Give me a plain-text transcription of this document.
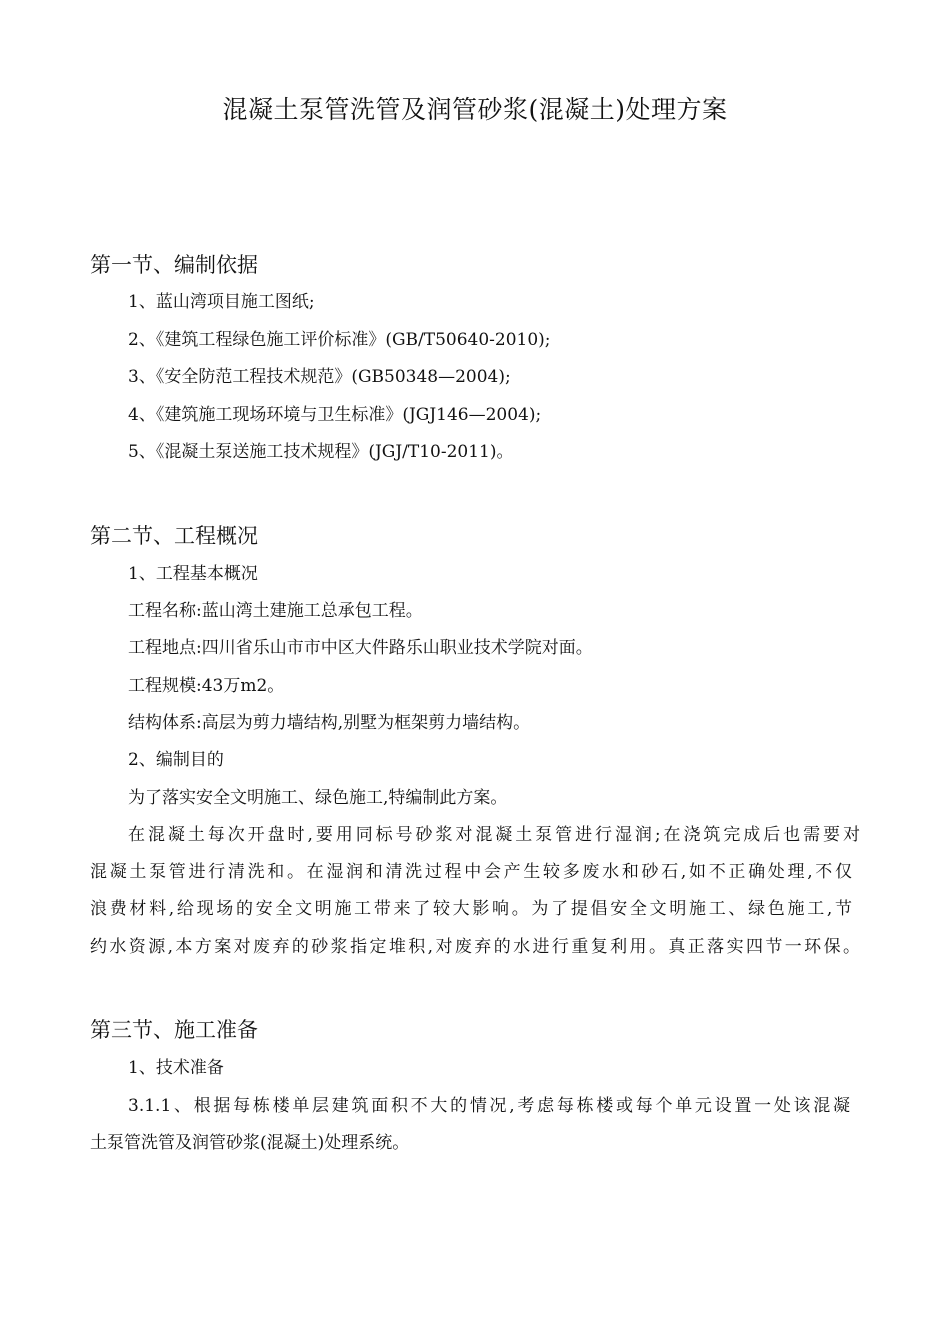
混凝土泵管洗管及润管砂浆(混凝土)处理方案
第一节、编制依据
1、蓝山湾项目施工图纸;
2、《建筑工程绿色施工评价标准》(GB/T50640-2010);
3、《安全防范工程技术规范》(GB50348—2004);
4、《建筑施工现场环境与卫生标准》(JGJ146—2004);
5、《混凝土泵送施工技术规程》(JGJ/T10-2011)。
第二节、工程概况
1、工程基本概况
工程名称:蓝山湾土建施工总承包工程。
工程地点:四川省乐山市市中区大件路乐山职业技术学院对面。
工程规模:43万m2。
结构体系:高层为剪力墙结构,别墅为框架剪力墙结构。
2、编制目的
为了落实安全文明施工、绿色施工,特编制此方案。
在混凝土每次开盘时,要用同标号砂浆对混凝土泵管进行湿润;在浇筑完成后也需要对
混凝土泵管进行清洗和。在湿润和清洗过程中会产生较多废水和砂石,如不正确处理,不仅
浪费材料,给现场的安全文明施工带来了较大影响。为了提倡安全文明施工、绿色施工,节
约水资源,本方案对废弃的砂浆指定堆积,对废弃的水进行重复利用。真正落实四节一环保。
第三节、施工准备
1、技术准备
3.1.1、根据每栋楼单层建筑面积不大的情况,考虑每栋楼或每个单元设置一处该混凝
土泵管洗管及润管砂浆(混凝土)处理系统。
